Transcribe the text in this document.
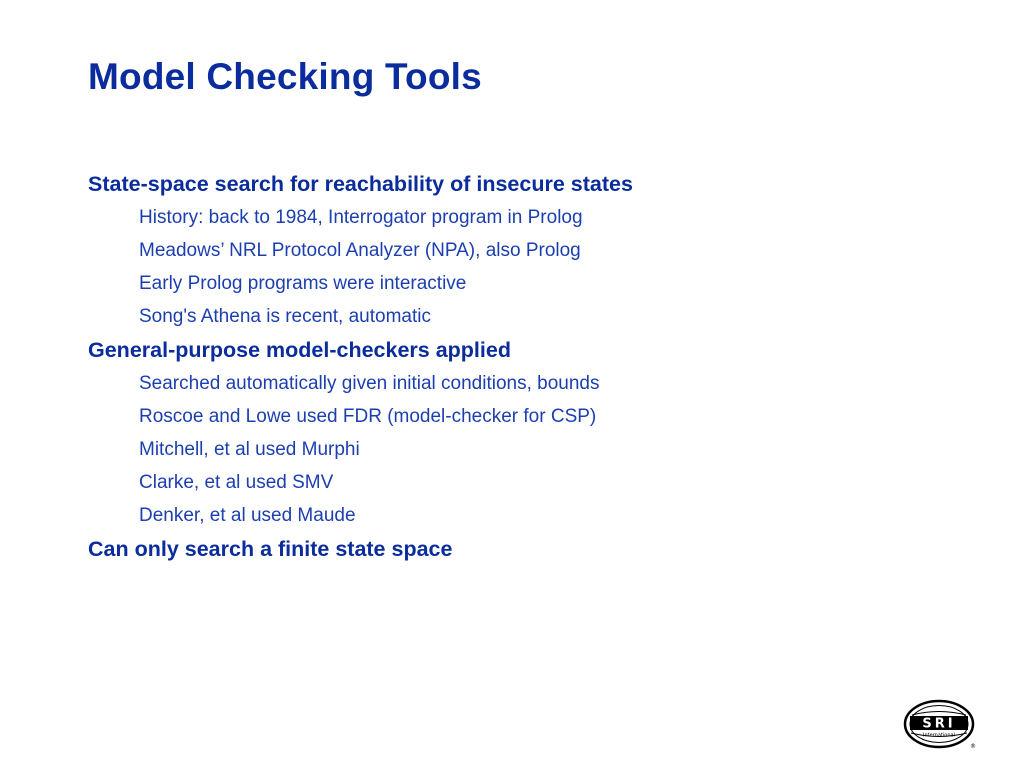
Model Checking Tools
State-space search for reachability of insecure states
History: back to 1984, Interrogator program in Prolog
Meadows’ NRL Protocol Analyzer (NPA), also Prolog
Early Prolog programs were interactive
Song's Athena is recent, automatic
General-purpose model-checkers applied
Searched automatically given initial conditions, bounds
Roscoe and Lowe used FDR (model-checker for CSP)
Mitchell, et al used Murphi
Clarke, et al used SMV
Denker, et al used Maude
Can only search a finite state space
SRI
International
®
